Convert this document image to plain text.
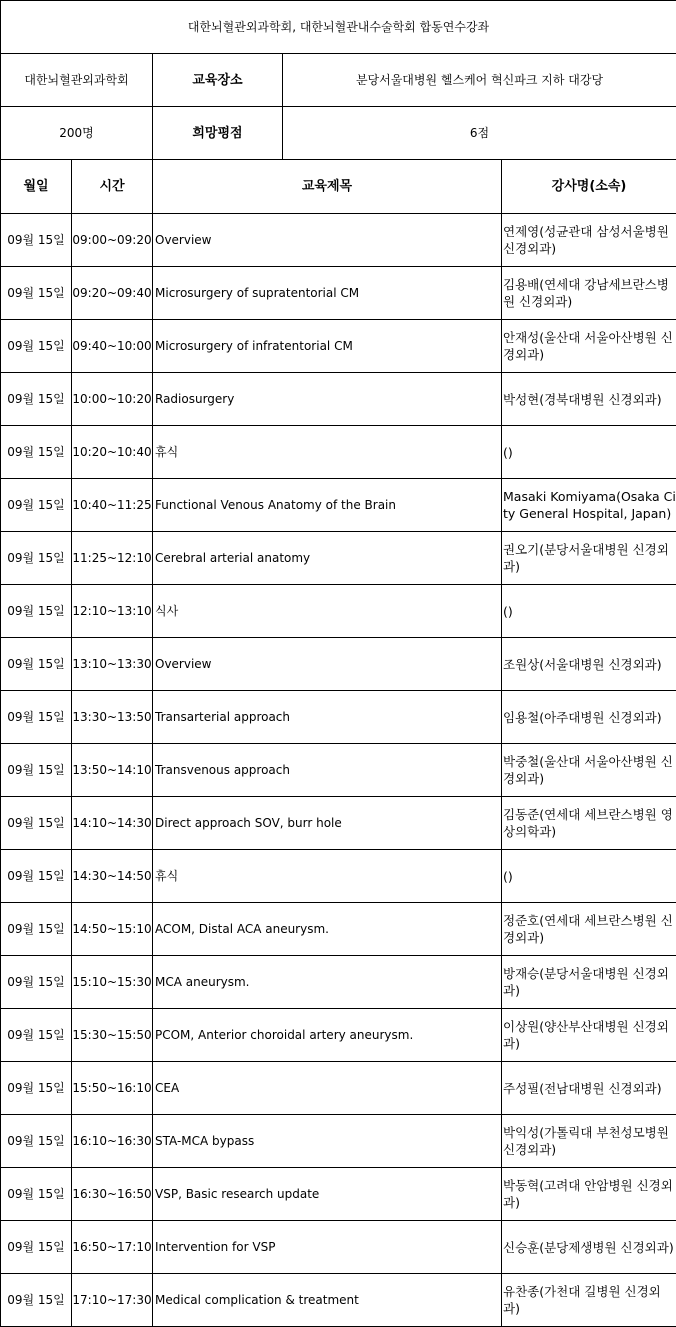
대한뇌혈관외과학회, 대한뇌혈관내수술학회 합동연수강좌		
대한뇌혈관외과학회	교육장소	분당서울대병원 헬스케어 혁신파크 지하 대강당
200명	희망평점	6점
월일	시간	교육제목	강사명(소속)
09월 15일	09:00~09:20	Overview	연제영(성균관대 삼성서울병원 신경외과)
09월 15일	09:20~09:40	Microsurgery of supratentorial CM	김용배(연세대 강남세브란스병원 신경외과)
09월 15일	09:40~10:00	Microsurgery of infratentorial CM	안재성(울산대 서울아산병원 신경외과)
09월 15일	10:00~10:20	Radiosurgery	박성현(경북대병원 신경외과)
09월 15일	10:20~10:40	휴식	()
09월 15일	10:40~11:25	Functional Venous Anatomy of the Brain	Masaki Komiyama(Osaka City General Hospital, Japan)
09월 15일	11:25~12:10	Cerebral arterial anatomy	권오기(분당서울대병원 신경외과)
09월 15일	12:10~13:10	식사	()
09월 15일	13:10~13:30	Overview	조원상(서울대병원 신경외과)
09월 15일	13:30~13:50	Transarterial approach	임용철(아주대병원 신경외과)
09월 15일	13:50~14:10	Transvenous approach	박중철(울산대 서울아산병원 신경외과)
09월 15일	14:10~14:30	Direct approach SOV, burr hole	김동준(연세대 세브란스병원 영상의학과)
09월 15일	14:30~14:50	휴식	()
09월 15일	14:50~15:10	ACOM, Distal ACA aneurysm.	정준호(연세대 세브란스병원 신경외과)
09월 15일	15:10~15:30	MCA aneurysm.	방재승(분당서울대병원 신경외과)
09월 15일	15:30~15:50	PCOM, Anterior choroidal artery aneurysm.	이상원(양산부산대병원 신경외과)
09월 15일	15:50~16:10	CEA	주성필(전남대병원 신경외과)
09월 15일	16:10~16:30	STA-MCA bypass	박익성(가톨릭대 부천성모병원 신경외과)
09월 15일	16:30~16:50	VSP, Basic research update	박동혁(고려대 안암병원 신경외과)
09월 15일	16:50~17:10	Intervention for VSP	신승훈(분당제생병원 신경외과)
09월 15일	17:10~17:30	Medical complication & treatment	유찬종(가천대 길병원 신경외과)
